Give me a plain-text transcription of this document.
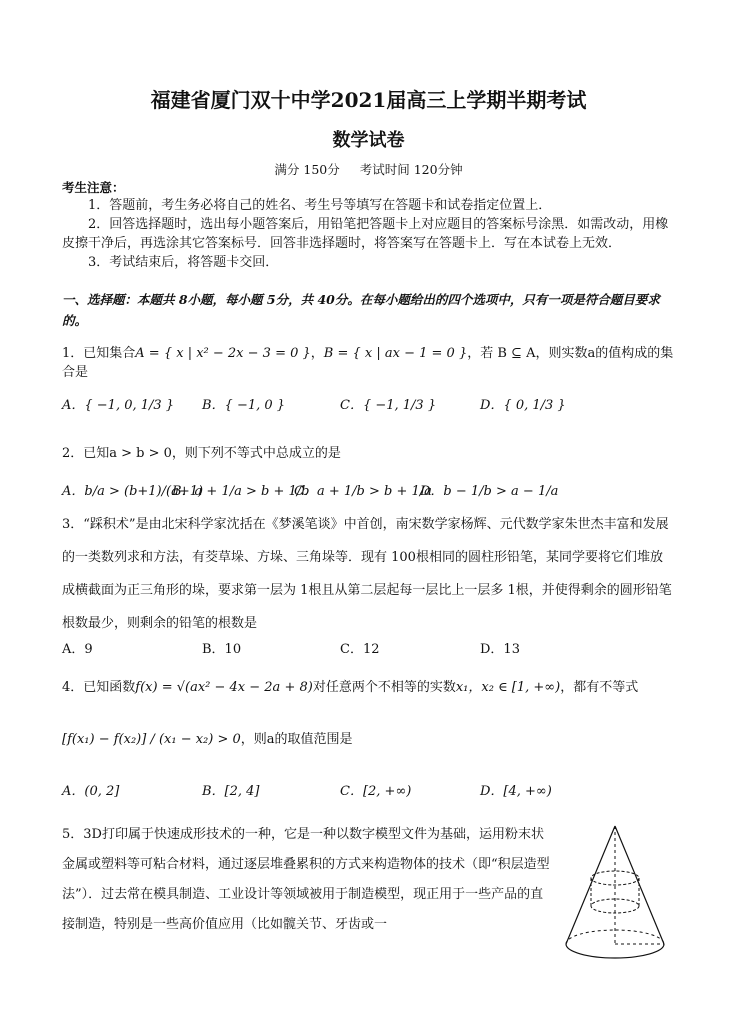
福建省厦门双十中学2021届高三上学期半期考试
数学试卷
满分 150分 考试时间 120分钟
考生注意：

1．答题前，考生务必将自己的姓名、考生号等填写在答题卡和试卷指定位置上．

2．回答选择题时，选出每小题答案后，用铅笔把答题卡上对应题目的答案标号涂黑．如需改动，用橡皮擦干净后，再选涂其它答案标号．回答非选择题时，将答案写在答题卡上．写在本试卷上无效．

3．考试结束后，将答题卡交回．

一、选择题：本题共 8小题，每小题 5分，共 40分。在每小题给出的四个选项中，只有一项是符合题目要求的。
1．已知集合A = { x | x² − 2x − 3 = 0 }，B = { x | ax − 1 = 0 }，若 B ⊆ A，则实数a的值构成的集合是
A．{ −1, 0, 1/3 } B．{ −1, 0 }	C．{ −1, 1/3 }	D．{ 0, 1/3 }
2．已知a > b > 0，则下列不等式中总成立的是
A．b/a > (b+1)/(a+1)
B．a + 1/a > b + 1/b
C．a + 1/b > b + 1/a
D．b − 1/b > a − 1/a
3．“踩积术”是由北宋科学家沈括在《梦溪笔谈》中首创，南宋数学家杨辉、元代数学家朱世杰丰富和发展的一类数列求和方法，有茭草垛、方垛、三角垛等．现有 100根相同的圆柱形铅笔，某同学要将它们堆放成横截面为正三角形的垛，要求第一层为 1根且从第二层起每一层比上一层多 1根，并使得剩余的圆形铅笔根数最少，则剩余的铅笔的根数是
A．9	B．10	C．12	D．13
4．已知函数f(x) = √(ax² − 4x − 2a + 8)对任意两个不相等的实数x₁，x₂ ∈ [1, +∞)，都有不等式
[f(x₁) − f(x₂)] / (x₁ − x₂) > 0，则a的取值范围是
A．(0, 2]	B．[2, 4]	C．[2, +∞)	D．[4, +∞)
5．3D打印属于快速成形技术的一种，它是一种以数字模型文件为基础，运用粉末状金属或塑料等可粘合材料，通过逐层堆叠累积的方式来构造物体的技术（即“积层造型法”）．过去常在模具制造、工业设计等领域被用于制造模型，现正用于一些产品的直接制造，特别是一些高价值应用（比如髋关节、牙齿或一
